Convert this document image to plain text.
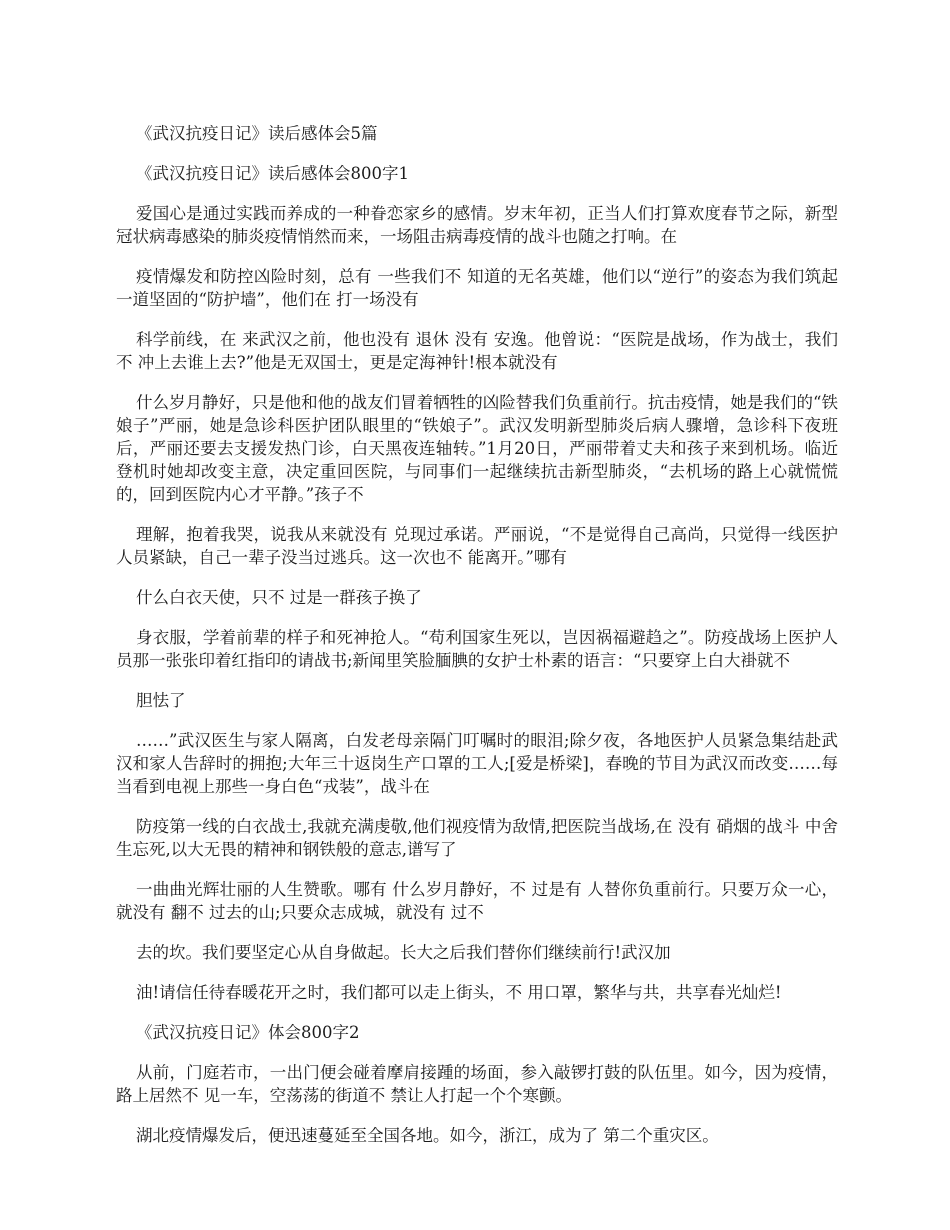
《武汉抗疫日记》读后感体会5篇

《武汉抗疫日记》读后感体会800字1

爱国心是通过实践而养成的一种眷恋家乡的感情。岁末年初，正当人们打算欢度春节之际，新型冠状病毒感染的肺炎疫情悄然而来，一场阻击病毒疫情的战斗也随之打响。在

疫情爆发和防控凶险时刻，总有 一些我们不 知道的无名英雄，他们以“逆行”的姿态为我们筑起一道坚固的“防护墙”，他们在 打一场没有

科学前线，在 来武汉之前，他也没有 退休 没有 安逸。他曾说：“医院是战场，作为战士，我们不 冲上去谁上去?”他是无双国士，更是定海神针!根本就没有

什么岁月静好，只是他和他的战友们冒着牺牲的凶险替我们负重前行。抗击疫情，她是我们的“铁娘子”严丽，她是急诊科医护团队眼里的“铁娘子”。武汉发明新型肺炎后病人骤增，急诊科下夜班后，严丽还要去支援发热门诊，白天黑夜连轴转。”1月20日，严丽带着丈夫和孩子来到机场。临近登机时她却改变主意，决定重回医院，与同事们一起继续抗击新型肺炎，“去机场的路上心就慌慌的，回到医院内心才平静。”孩子不

理解，抱着我哭，说我从来就没有 兑现过承诺。严丽说，“不是觉得自己高尚，只觉得一线医护人员紧缺，自己一辈子没当过逃兵。这一次也不 能离开。”哪有

什么白衣天使，只不 过是一群孩子换了

身衣服，学着前辈的样子和死神抢人。“苟利国家生死以，岂因祸福避趋之”。防疫战场上医护人员那一张张印着红指印的请战书;新闻里笑脸腼腆的女护士朴素的语言：“只要穿上白大褂就不

胆怯了

……”武汉医生与家人隔离，白发老母亲隔门叮嘱时的眼泪;除夕夜，各地医护人员紧急集结赴武汉和家人告辞时的拥抱;大年三十返岗生产口罩的工人;[爱是桥梁]，春晚的节目为武汉而改变……每当看到电视上那些一身白色“戎装”，战斗在

防疫第一线的白衣战士,我就充满虔敬,他们视疫情为敌情,把医院当战场,在 没有 硝烟的战斗 中舍生忘死,以大无畏的精神和钢铁般的意志,谱写了

一曲曲光辉壮丽的人生赞歌。哪有 什么岁月静好，不 过是有 人替你负重前行。只要万众一心，就没有 翻不 过去的山;只要众志成城，就没有 过不

去的坎。我们要坚定心从自身做起。长大之后我们替你们继续前行!武汉加

油!请信任待春暖花开之时，我们都可以走上街头，不 用口罩，繁华与共，共享春光灿烂!

《武汉抗疫日记》体会800字2

从前，门庭若市，一出门便会碰着摩肩接踵的场面，参入敲锣打鼓的队伍里。如今，因为疫情，路上居然不 见一车，空荡荡的街道不 禁让人打起一个个寒颤。

湖北疫情爆发后，便迅速蔓延至全国各地。如今，浙江，成为了 第二个重灾区。
